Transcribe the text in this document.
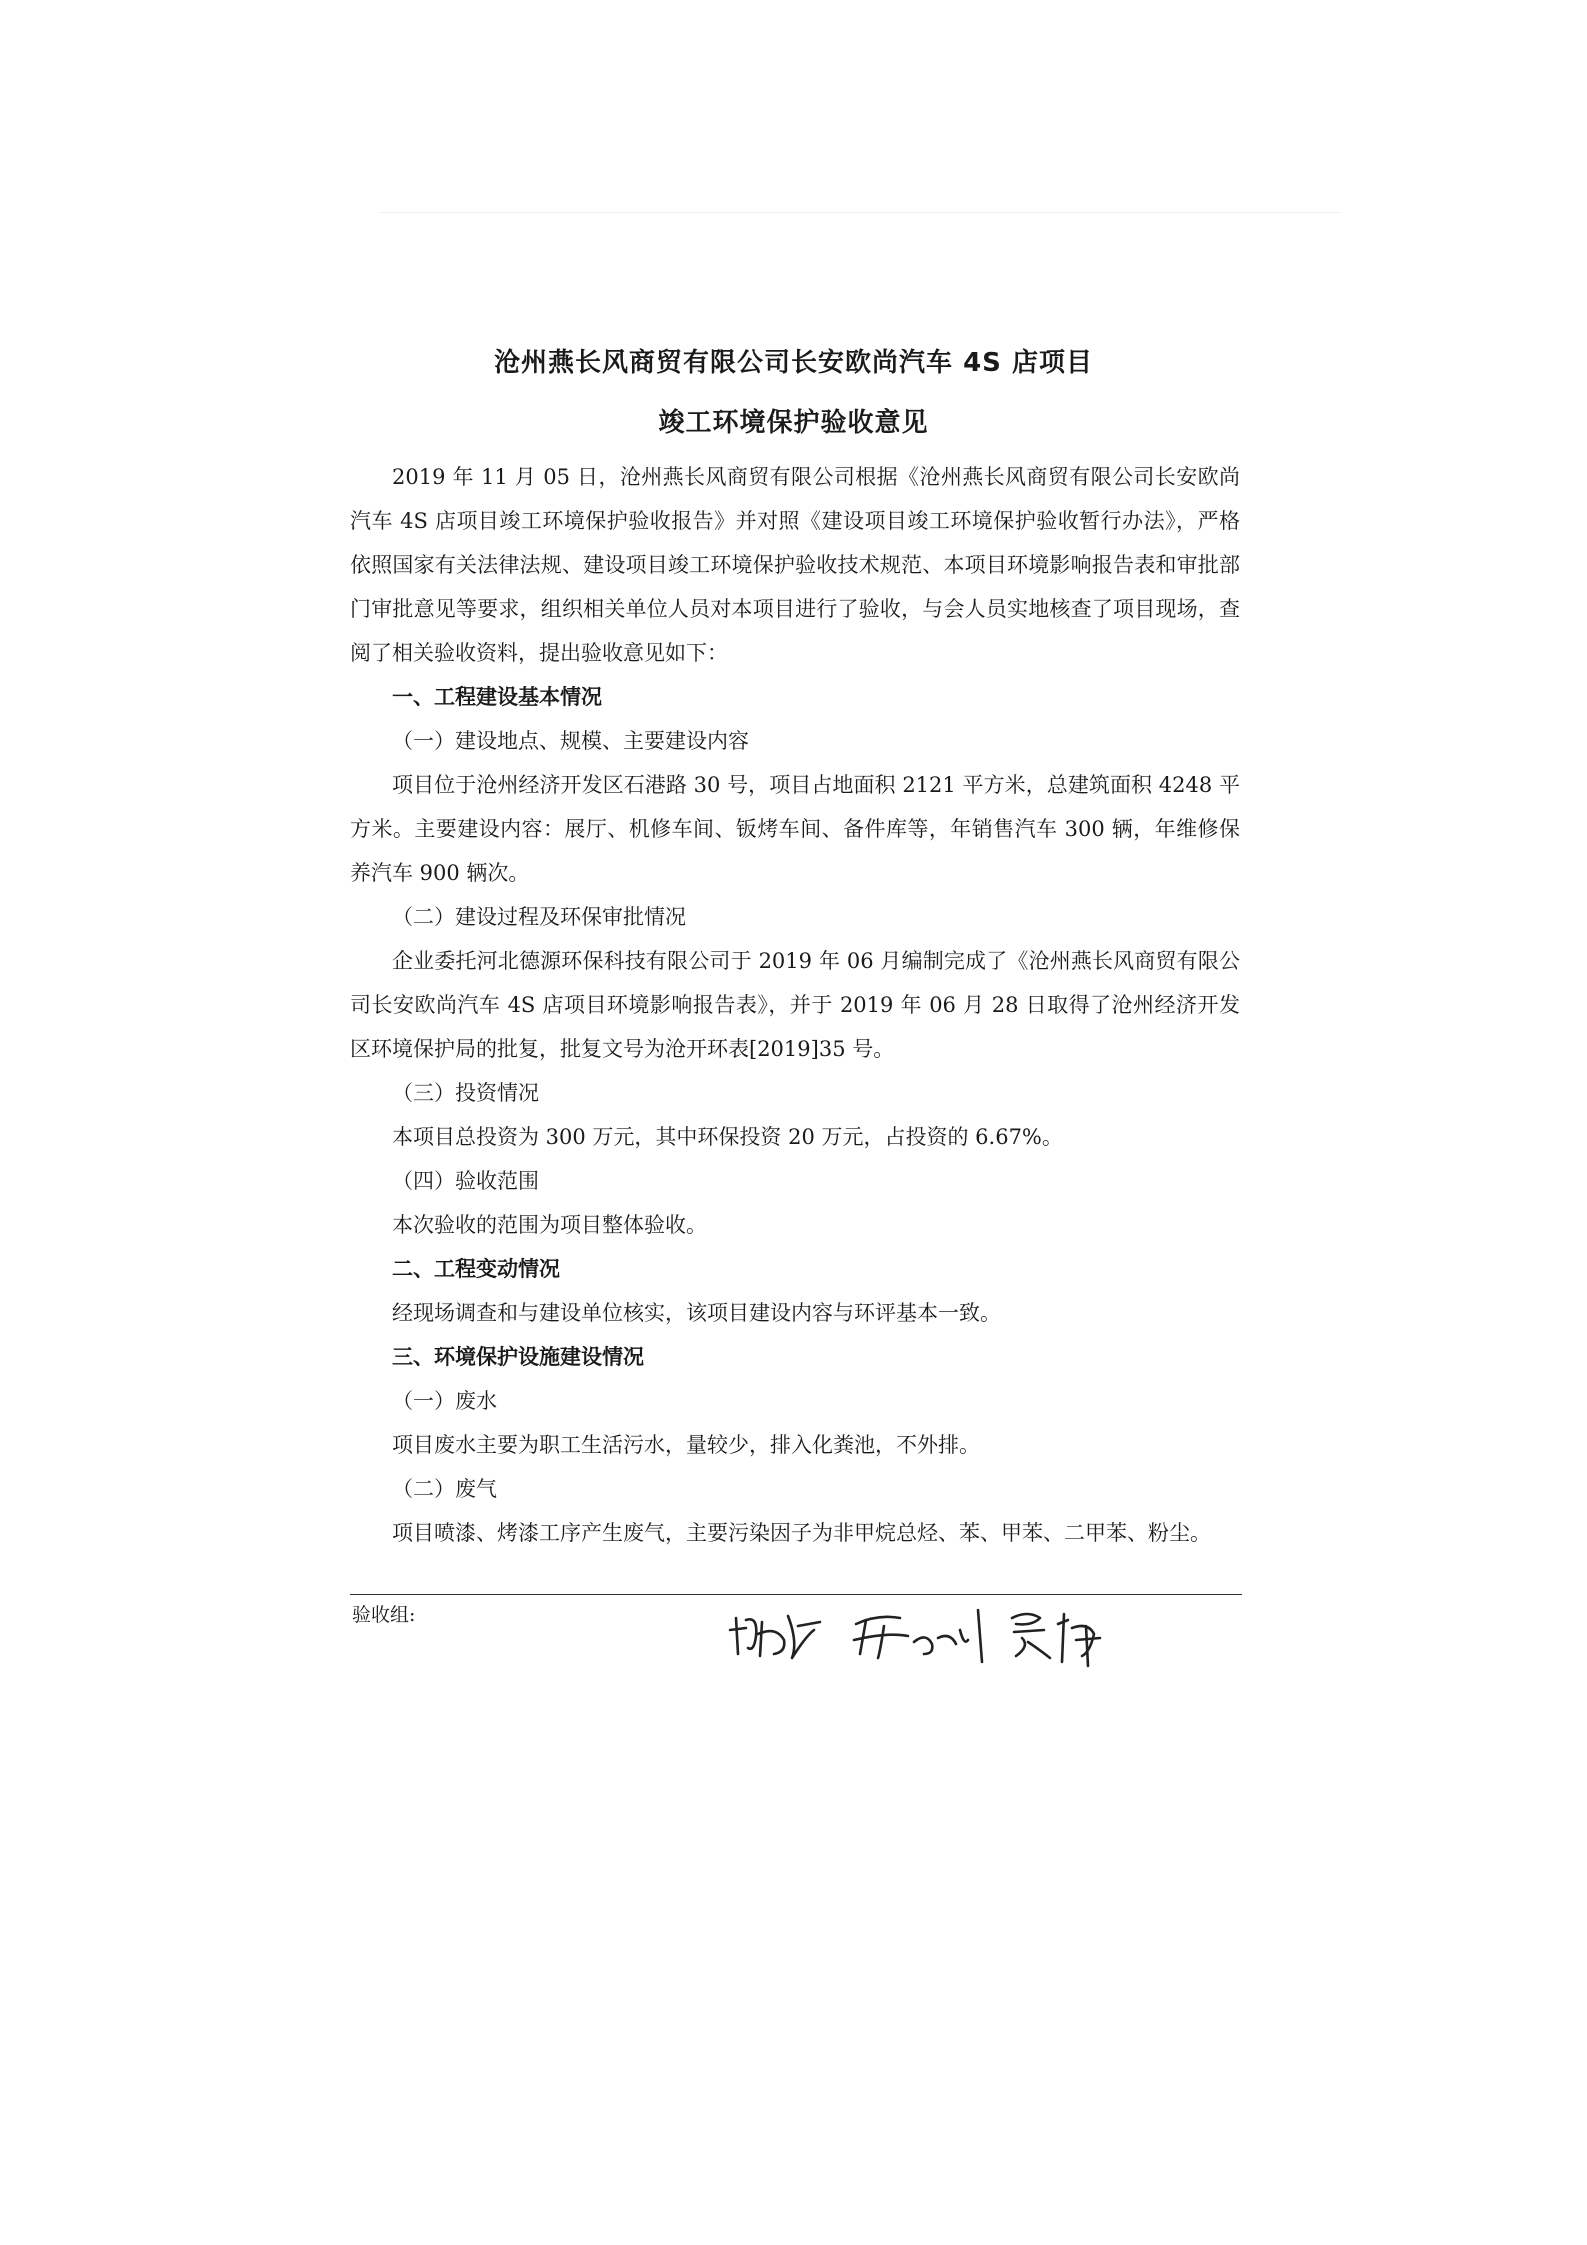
沧州燕长风商贸有限公司长安欧尚汽车 4S 店项目
竣工环境保护验收意见

2019 年 11 月 05 日，沧州燕长风商贸有限公司根据《沧州燕长风商贸有限公司长安欧尚汽车 4S 店项目竣工环境保护验收报告》并对照《建设项目竣工环境保护验收暂行办法》，严格依照国家有关法律法规、建设项目竣工环境保护验收技术规范、本项目环境影响报告表和审批部门审批意见等要求，组织相关单位人员对本项目进行了验收，与会人员实地核查了项目现场，查阅了相关验收资料，提出验收意见如下：

一、工程建设基本情况

（一）建设地点、规模、主要建设内容

项目位于沧州经济开发区石港路 30 号，项目占地面积 2121 平方米，总建筑面积 4248 平方米。主要建设内容：展厅、机修车间、钣烤车间、备件库等，年销售汽车 300 辆，年维修保养汽车 900 辆次。

（二）建设过程及环保审批情况

企业委托河北德源环保科技有限公司于 2019 年 06 月编制完成了《沧州燕长风商贸有限公司长安欧尚汽车 4S 店项目环境影响报告表》，并于 2019 年 06 月 28 日取得了沧州经济开发区环境保护局的批复，批复文号为沧开环表[2019]35 号。

（三）投资情况

本项目总投资为 300 万元，其中环保投资 20 万元，占投资的 6.67%。

（四）验收范围

本次验收的范围为项目整体验收。

二、工程变动情况

经现场调查和与建设单位核实，该项目建设内容与环评基本一致。

三、环境保护设施建设情况

（一）废水

项目废水主要为职工生活污水，量较少，排入化粪池，不外排。

（二）废气

项目喷漆、烤漆工序产生废气，主要污染因子为非甲烷总烃、苯、甲苯、二甲苯、粉尘。

验收组:
